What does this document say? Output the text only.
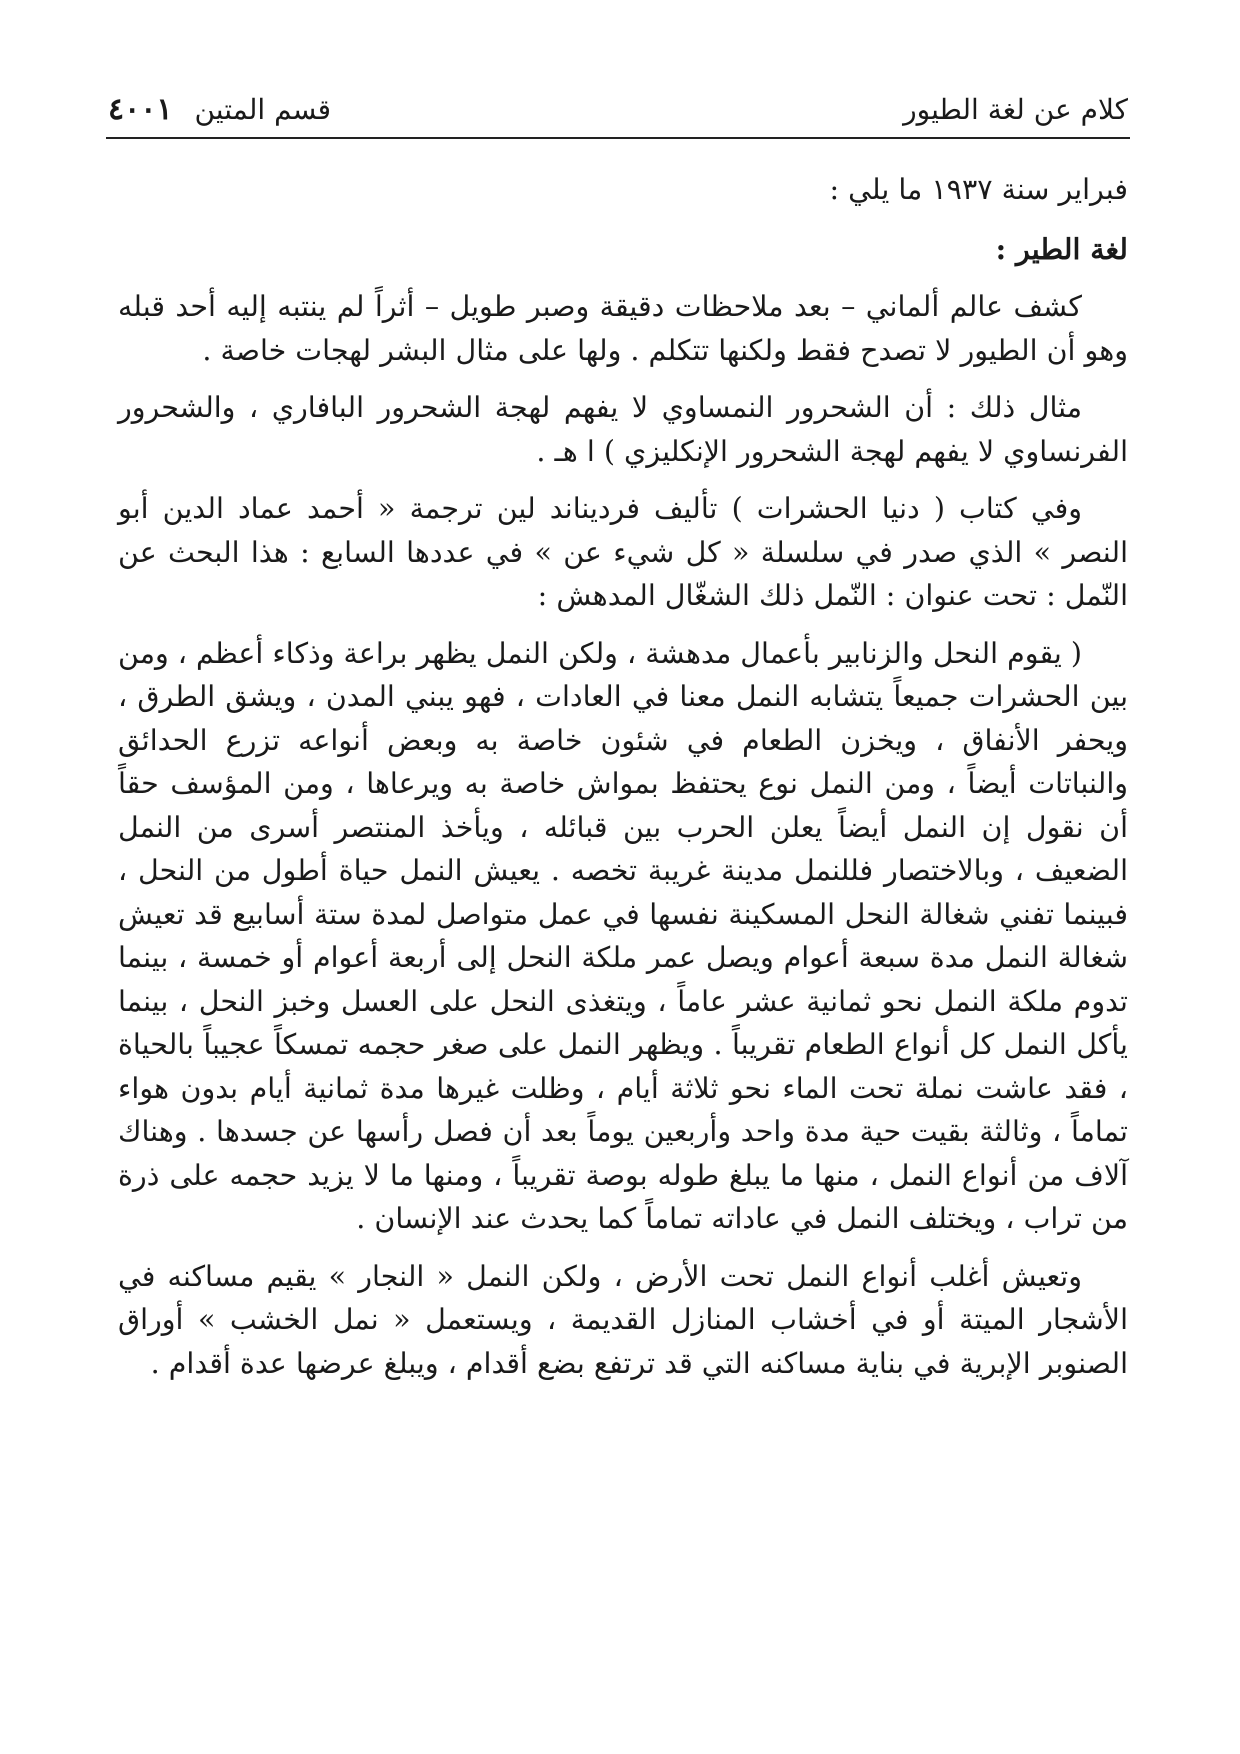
كلام عن لغة الطيور
قسم المتين
٤٠٠١

فبراير سنة ١٩٣٧ ما يلي :

لغة الطير :

كشف عالم ألماني – بعد ملاحظات دقيقة وصبر طويل – أثراً لم ينتبه إليه أحد قبله وهو أن الطيور لا تصدح فقط ولكنها تتكلم . ولها على مثال البشر لهجات خاصة .

مثال ذلك : أن الشحرور النمساوي لا يفهم لهجة الشحرور البافاري ، والشحرور الفرنساوي لا يفهم لهجة الشحرور الإنكليزي ) ا هـ .

وفي كتاب ( دنيا الحشرات ) تأليف فرديناند لين ترجمة « أحمد عماد الدين أبو النصر » الذي صدر في سلسلة « كل شيء عن » في عددها السابع : هذا البحث عن النّمل : تحت عنوان : النّمل ذلك الشغّال المدهش :

( يقوم النحل والزنابير بأعمال مدهشة ، ولكن النمل يظهر براعة وذكاء أعظم ، ومن بين الحشرات جميعاً يتشابه النمل معنا في العادات ، فهو يبني المدن ، ويشق الطرق ، ويحفر الأنفاق ، ويخزن الطعام في شئون خاصة به وبعض أنواعه تزرع الحدائق والنباتات أيضاً ، ومن النمل نوع يحتفظ بمواش خاصة به ويرعاها ، ومن المؤسف حقاً أن نقول إن النمل أيضاً يعلن الحرب بين قبائله ، ويأخذ المنتصر أسرى من النمل الضعيف ، وبالاختصار فللنمل مدينة غريبة تخصه . يعيش النمل حياة أطول من النحل ، فبينما تفني شغالة النحل المسكينة نفسها في عمل متواصل لمدة ستة أسابيع قد تعيش شغالة النمل مدة سبعة أعوام ويصل عمر ملكة النحل إلى أربعة أعوام أو خمسة ، بينما تدوم ملكة النمل نحو ثمانية عشر عاماً ، ويتغذى النحل على العسل وخبز النحل ، بينما يأكل النمل كل أنواع الطعام تقريباً . ويظهر النمل على صغر حجمه تمسكاً عجيباً بالحياة ، فقد عاشت نملة تحت الماء نحو ثلاثة أيام ، وظلت غيرها مدة ثمانية أيام بدون هواء تماماً ، وثالثة بقيت حية مدة واحد وأربعين يوماً بعد أن فصل رأسها عن جسدها . وهناك آلاف من أنواع النمل ، منها ما يبلغ طوله بوصة تقريباً ، ومنها ما لا يزيد حجمه على ذرة من تراب ، ويختلف النمل في عاداته تماماً كما يحدث عند الإنسان .

وتعيش أغلب أنواع النمل تحت الأرض ، ولكن النمل « النجار » يقيم مساكنه في الأشجار الميتة أو في أخشاب المنازل القديمة ، ويستعمل « نمل الخشب » أوراق الصنوبر الإبرية في بناية مساكنه التي قد ترتفع بضع أقدام ، ويبلغ عرضها عدة أقدام .
